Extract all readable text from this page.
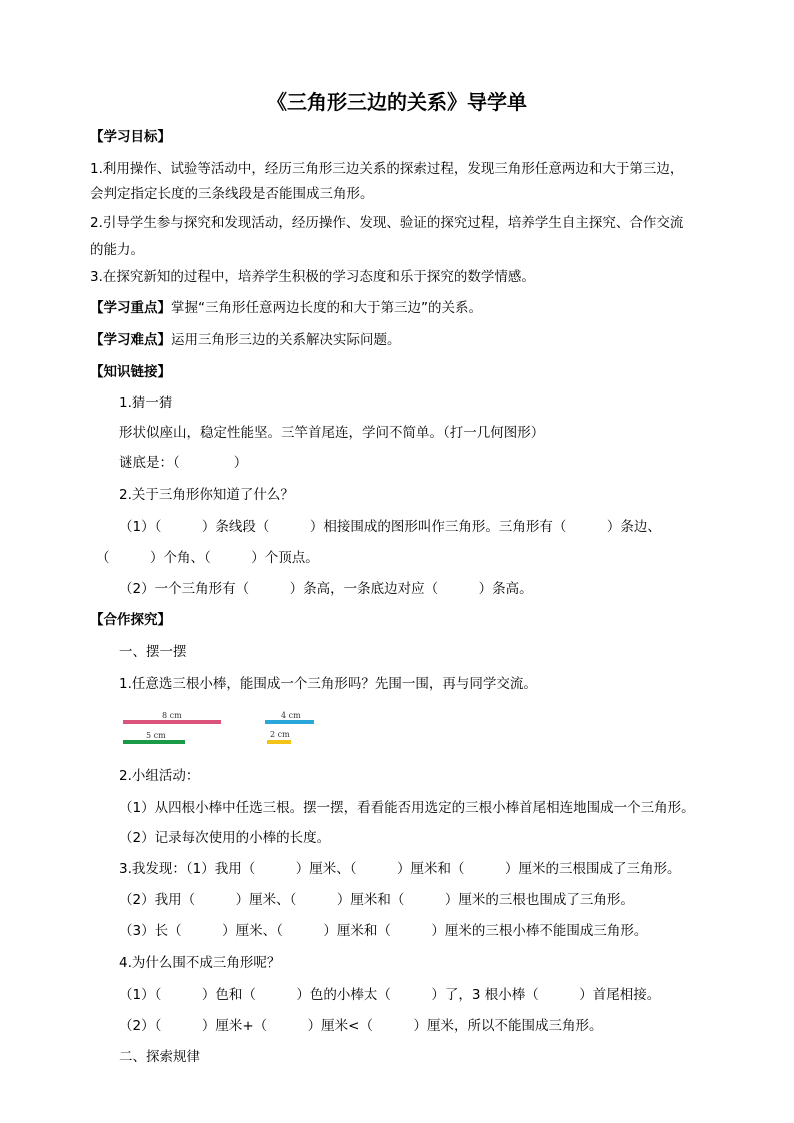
《三角形三边的关系》导学单
【学习目标】
1.利用操作、试验等活动中，经历三角形三边关系的探索过程，发现三角形任意两边和大于第三边，
会判定指定长度的三条线段是否能围成三角形。
2.引导学生参与探究和发现活动，经历操作、发现、验证的探究过程，培养学生自主探究、合作交流
的能力。
3.在探究新知的过程中，培养学生积极的学习态度和乐于探究的数学情感。
【学习重点】掌握“三角形任意两边长度的和大于第三边”的关系。
【学习难点】运用三角形三边的关系解决实际问题。
【知识链接】
1.猜一猜
形状似座山，稳定性能坚。三竿首尾连，学问不简单。（打一几何图形）
谜底是：（　　　　）
2.关于三角形你知道了什么？
（1）（　　　）条线段（　　　）相接围成的图形叫作三角形。三角形有（　　　）条边、
（　　　）个角、（　　　）个顶点。
（2）一个三角形有（　　　）条高，一条底边对应（　　　）条高。
【合作探究】
一、摆一摆
1.任意选三根小棒，能围成一个三角形吗？先围一围，再与同学交流。
8 cm
5 cm
4 cm
2 cm
2.小组活动：
（1）从四根小棒中任选三根。摆一摆，看看能否用选定的三根小棒首尾相连地围成一个三角形。
（2）记录每次使用的小棒的长度。
3.我发现：（1）我用（　　　）厘米、（　　　）厘米和（　　　）厘米的三根围成了三角形。
（2）我用（　　　）厘米、（　　　）厘米和（　　　）厘米的三根也围成了三角形。
（3）长（　　　）厘米、（　　　）厘米和（　　　）厘米的三根小棒不能围成三角形。
4.为什么围不成三角形呢？
（1）（　　　）色和（　　　）色的小棒太（　　　）了，3 根小棒（　　　）首尾相接。
（2）（　　　）厘米+（　　　）厘米<（　　　）厘米，所以不能围成三角形。
二、探索规律
